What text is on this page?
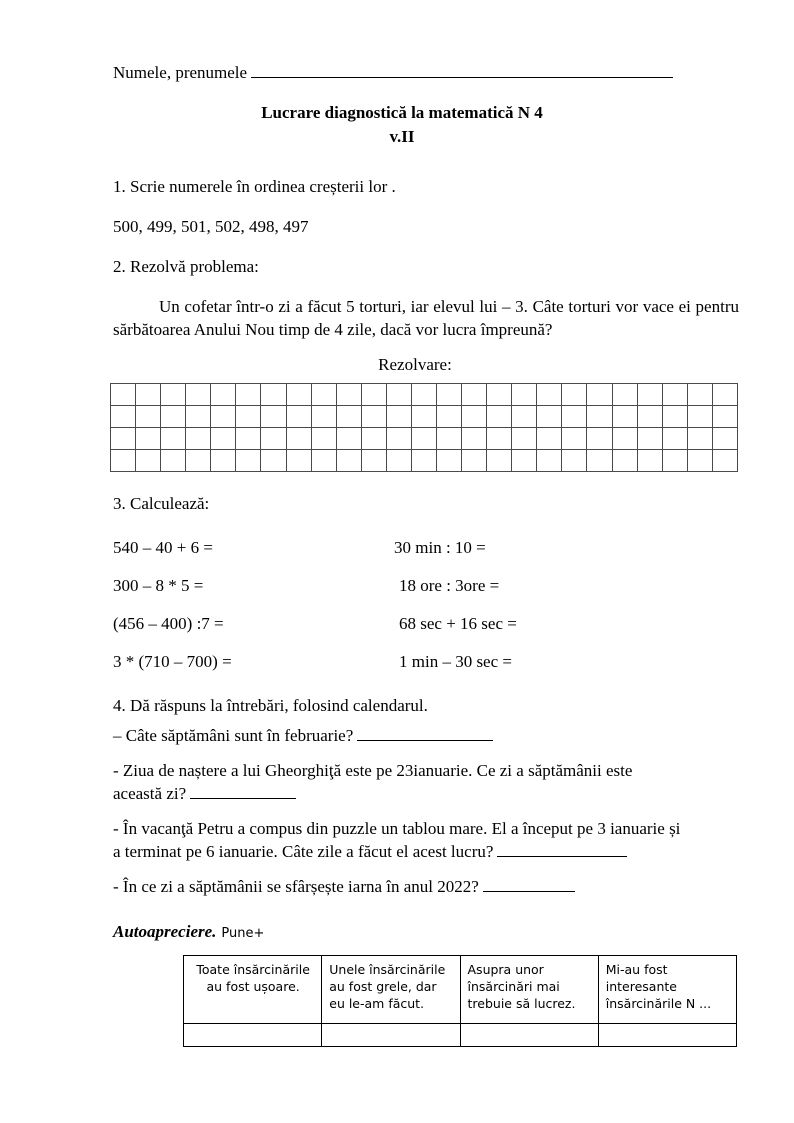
Numele, prenumele
Lucrare diagnostică la matematică N 4
v.II
1. Scrie numerele în ordinea creșterii lor .
500, 499, 501, 502, 498, 497
2. Rezolvă problema:
Un cofetar într-o zi a făcut 5 torturi, iar elevul lui – 3. Câte torturi vor vace ei pentru sărbătoarea Anului Nou timp de 4 zile, dacă vor lucra împreună?
Rezolvare:

3. Calculează:
540 – 40 + 6 =	30 min : 10 =
300 – 8 * 5 =	18 ore : 3ore =
(456 – 400) :7 =	68 sec + 16 sec =
3 * (710 – 700) =	1 min – 30 sec =
4. Dă răspuns la întrebări, folosind calendarul.
– Câte săptămâni sunt în februarie?
- Ziua de naștere a lui Gheorghiţă este pe 23ianuarie. Ce zi a săptămânii este
această zi?
- În vacanţă Petru a compus din puzzle un tablou mare. El a început pe 3 ianuarie și
a terminat pe 6 ianuarie. Câte zile a făcut el acest lucru?
- În ce zi a săptămânii se sfârșește iarna în anul 2022?
Autoapreciere. Pune+
Toate însărcinările au fost ușoare.	Unele însărcinările au fost grele, dar eu le-am făcut.	Asupra unor însărcinări mai trebuie să lucrez.	Mi-au fost interesante însărcinările N ...
